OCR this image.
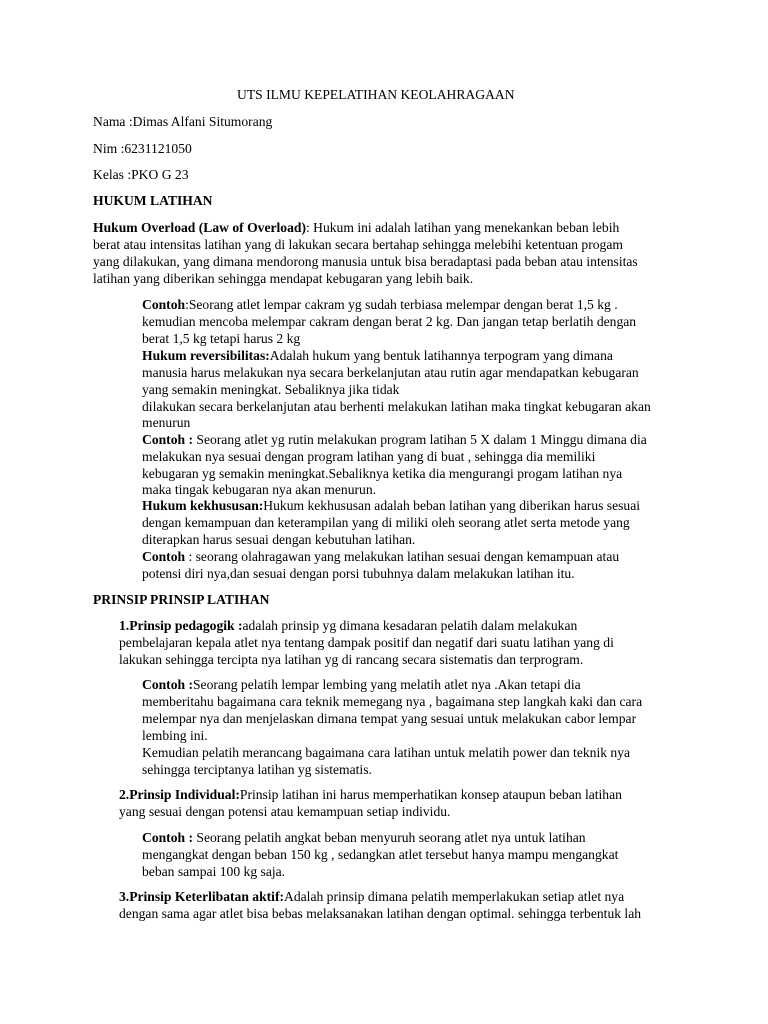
UTS ILMU KEPELATIHAN KEOLAHRAGAAN
Nama :Dimas Alfani Situmorang
Nim :6231121050
Kelas :PKO G 23
HUKUM LATIHAN
Hukum Overload (Law of Overload): Hukum ini adalah latihan yang menekankan beban lebih
berat atau intensitas latihan yang di lakukan secara bertahap sehingga melebihi ketentuan progam
yang dilakukan, yang dimana mendorong manusia untuk bisa beradaptasi pada beban atau intensitas
latihan yang diberikan sehingga mendapat kebugaran yang lebih baik.
Contoh:Seorang atlet lempar cakram yg sudah terbiasa melempar dengan berat 1,5 kg .
kemudian mencoba melempar cakram dengan berat 2 kg. Dan jangan tetap berlatih dengan
berat 1,5 kg tetapi harus 2 kg
Hukum reversibilitas:Adalah hukum yang bentuk latihannya terpogram yang dimana
manusia harus melakukan nya secara berkelanjutan atau rutin agar mendapatkan kebugaran
yang semakin meningkat. Sebaliknya jika tidak
dilakukan secara berkelanjutan atau berhenti melakukan latihan maka tingkat kebugaran akan
menurun
Contoh : Seorang atlet yg rutin melakukan program latihan 5 X dalam 1 Minggu dimana dia
melakukan nya sesuai dengan program latihan yang di buat , sehingga dia memiliki
kebugaran yg semakin meningkat.Sebaliknya ketika dia mengurangi progam latihan nya
maka tingak kebugaran nya akan menurun.
Hukum kekhususan:Hukum kekhususan adalah beban latihan yang diberikan harus sesuai
dengan kemampuan dan keterampilan yang di miliki oleh seorang atlet serta metode yang
diterapkan harus sesuai dengan kebutuhan latihan.
Contoh : seorang olahragawan yang melakukan latihan sesuai dengan kemampuan atau
potensi diri nya,dan sesuai dengan porsi tubuhnya dalam melakukan latihan itu.
PRINSIP PRINSIP LATIHAN
1.Prinsip pedagogik :adalah prinsip yg dimana kesadaran pelatih dalam melakukan
pembelajaran kepala atlet nya tentang dampak positif dan negatif dari suatu latihan yang di
lakukan sehingga tercipta nya latihan yg di rancang secara sistematis dan terprogram.
Contoh :Seorang pelatih lempar lembing yang melatih atlet nya .Akan tetapi dia
memberitahu bagaimana cara teknik memegang nya , bagaimana step langkah kaki dan cara
melempar nya dan menjelaskan dimana tempat yang sesuai untuk melakukan cabor lempar
lembing ini.
Kemudian pelatih merancang bagaimana cara latihan untuk melatih power dan teknik nya
sehingga terciptanya latihan yg sistematis.
2.Prinsip Individual:Prinsip latihan ini harus memperhatikan konsep ataupun beban latihan
yang sesuai dengan potensi atau kemampuan setiap individu.
Contoh : Seorang pelatih angkat beban menyuruh seorang atlet nya untuk latihan
mengangkat dengan beban 150 kg , sedangkan atlet tersebut hanya mampu mengangkat
beban sampai 100 kg saja.
3.Prinsip Keterlibatan aktif:Adalah prinsip dimana pelatih memperlakukan setiap atlet nya
dengan sama agar atlet bisa bebas melaksanakan latihan dengan optimal. sehingga terbentuk lah
